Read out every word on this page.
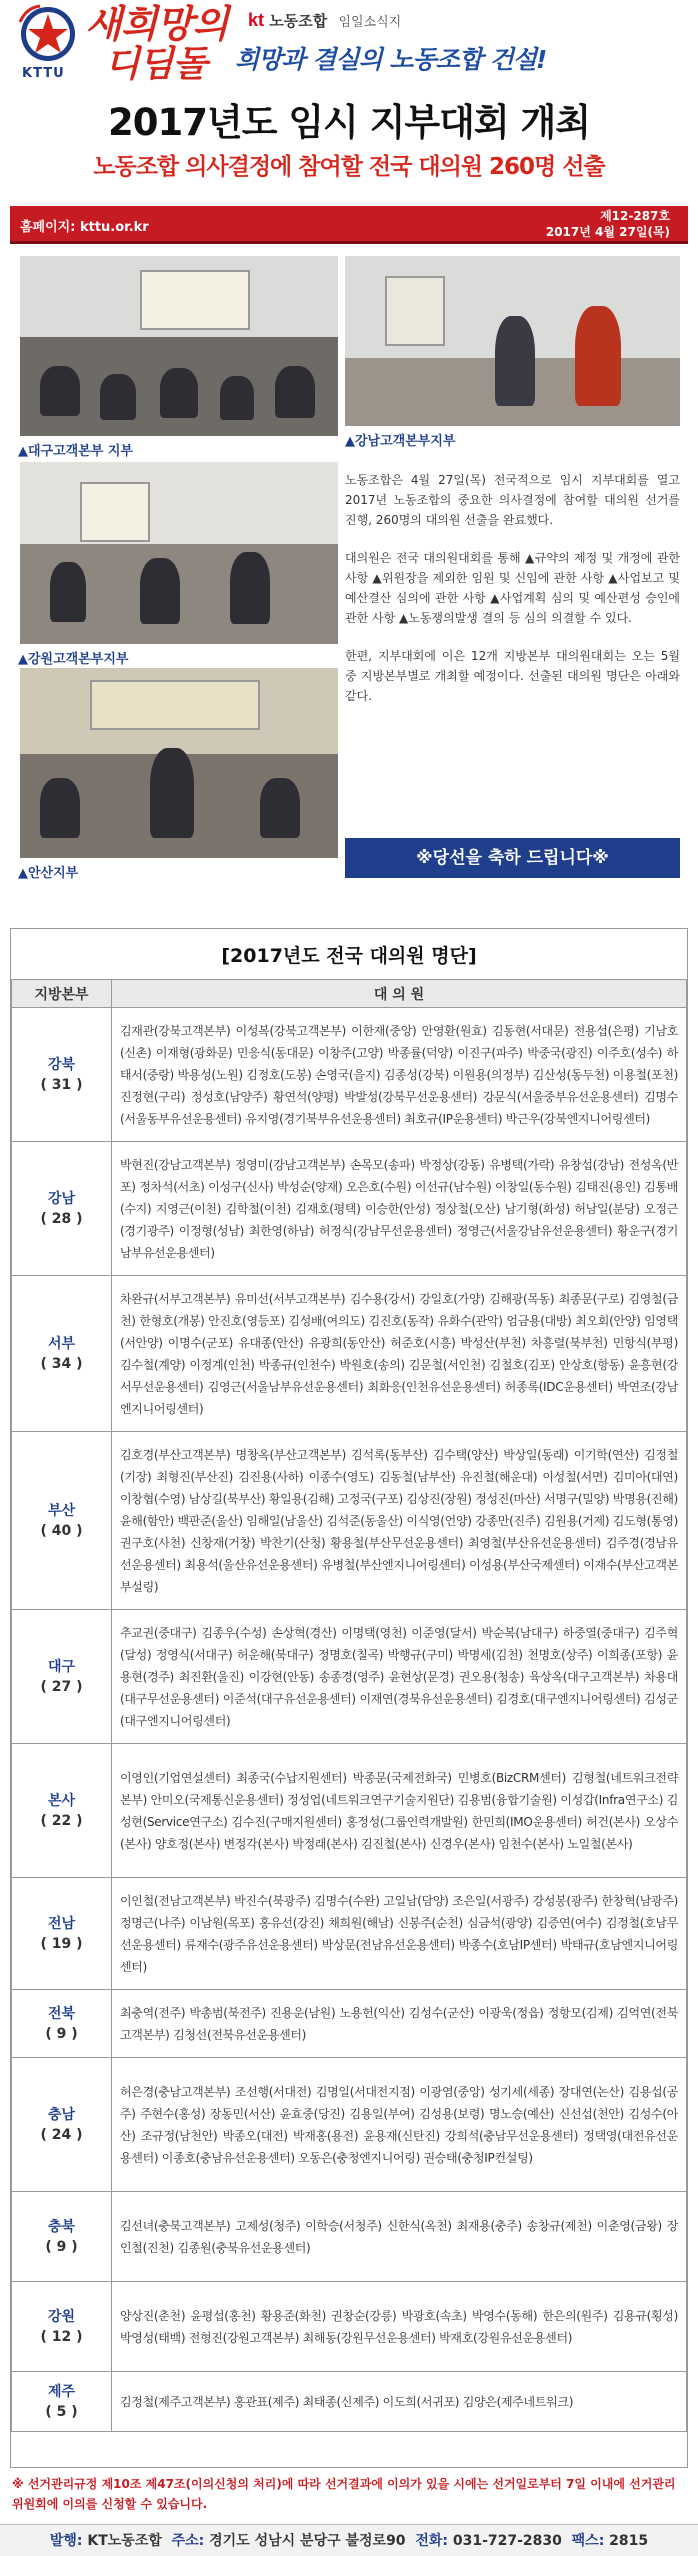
KTTU
새희망의
디딤돌
kt 노동조합 임일소식지
희망과 결실의 노동조합 건설!
2017년도 임시 지부대회 개최
노동조합 의사결정에 참여할 전국 대의원 260명 선출
홈페이지: kttu.or.kr
제12-287호
2017년 4월 27일(목)
▲대구고객본부 지부
▲강남고객본부지부
▲강원고객본부지부
▲안산지부

노동조합은 4월 27일(목) 전국적으로 임시 지부대회를 열고 2017년 노동조합의 중요한 의사결정에 참여할 대의원 선거를 진행, 260명의 대의원 선출을 완료했다.

대의원은 전국 대의원대회를 통해 ▲규약의 제정 및 개정에 관한 사항 ▲위원장을 제외한 임원 및 신임에 관한 사항 ▲사업보고 및 예산결산 심의에 관한 사항 ▲사업계획 심의 및 예산편성 승인에 관한 사항 ▲노동쟁의발생 결의 등 심의 의결할 수 있다.

한편, 지부대회에 이은 12개 지방본부 대의원대회는 오는 5월 중 지방본부별로 개최할 예정이다. 선출된 대의원 명단은 아래와 같다.

※당선을 축하 드립니다※
[2017년도 전국 대의원 명단]
지방본부	대 의 원
강북
( 31 )	김재관(강북고객본부) 이성복(강북고객본부) 이한재(중앙) 안영환(원효) 김동현(서대문) 전용섭(은평) 기남호(신촌) 이재형(광화문) 민응식(동대문) 이창주(고양) 박종률(덕양) 이진구(파주) 박중국(광진) 이주호(성수) 하태서(중랑) 박용성(노원) 김정호(도봉) 손영국(을지) 김종성(강북) 이원용(의정부) 김산성(동두천) 이용철(포천) 진정현(구리) 정성호(남양주) 황연석(양평) 박발성(강북무선운용센터) 강문식(서울중부유선운용센터) 김명수(서울동부유선운용센터) 유지영(경기북부유선운용센터) 최호규(IP운용센터) 박근우(강북엔지니어링센터)
강남
( 28 )	박현진(강남고객본부) 정영미(강남고객본부) 손목모(송파) 박정상(강동) 유병택(가락) 유창섭(강남) 전성옥(반포) 정차석(서초) 이성구(신사) 박성순(양재) 오은호(수원) 이선규(남수원) 이창일(동수원) 김태진(용인) 김통배(수지) 지영근(이천) 김학철(이천) 김재호(평택) 이승한(안성) 정상철(오산) 남기형(화성) 허남일(분당) 오정근(경기광주) 이정형(성남) 최한영(하남) 허정식(강남무선운용센터) 정영근(서울강남유선운용센터) 황운구(경기남부유선운용센터)
서부
( 34 )	차완규(서부고객본부) 유미선(서부고객본부) 김수용(강서) 강일호(가양) 김해광(목동) 최종문(구로) 김영철(금천) 한형호(개봉) 안진호(영등포) 김성배(여의도) 김진호(동작) 유화수(관악) 엄금용(대방) 최오회(안양) 임영택(서안양) 이명수(군포) 유대종(안산) 유광희(동안산) 허준호(시흥) 박성산(부천) 차흥렬(북부천) 민항식(부평) 김수철(계양) 이정계(인천) 박종규(인천수) 박원호(송의) 김문철(서인천) 김철호(김포) 안상호(항동) 윤흥현(강서무선운용센터) 김영근(서울남부유선운용센터) 최화응(인천유선운용센터) 허종록(IDC운용센터) 박연조(강남엔지니어링센터)
부산
( 40 )	김호경(부산고객본부) 명창옥(부산고객본부) 김석록(동부산) 김수택(양산) 박상일(동래) 이기학(연산) 김정철(기장) 최형진(부산진) 김진용(사하) 이종수(영도) 김동철(남부산) 유진철(해운대) 이성철(서면) 김미아(대연) 이창협(수영) 남상길(북부산) 황일용(김해) 고정국(구포) 김상진(장원) 정성진(마산) 서명구(밀양) 박명용(진해) 윤해(함안) 백판준(울산) 임해일(남울산) 김석준(동울산) 이식영(언양) 강종만(진주) 김원용(거제) 김도형(통영) 권구호(사천) 신창재(거창) 박찬기(산청) 황용철(부산무선운용센터) 최영철(부산유선운용센터) 김주경(경남유선운용센터) 최용석(울산유선운용센터) 유병철(부산엔지니어링센터) 이성용(부산국제센터) 이재수(부산고객본부설링)
대구
( 27 )	추교권(중대구) 김종우(수성) 손상혁(경산) 이명택(영천) 이준영(달서) 박순복(남대구) 하중열(중대구) 김주혁(달성) 정영식(서대구) 허운해(북대구) 정명호(칠곡) 박행규(구미) 박명세(김천) 천명호(상주) 이희종(포항) 윤용현(경주) 최진환(울진) 이강현(안동) 송종경(영주) 윤현상(문경) 권오용(청송) 육상옥(대구고객본부) 차용대(대구무선운용센터) 이준석(대구유선운용센터) 이재연(경북유선운용센터) 김경호(대구엔지니어링센터) 김성군(대구엔지니어링센터)
본사
( 22 )	이영인(기업연설센터) 최종국(수납지원센터) 박종문(국제전화국) 민병호(BizCRM센터) 김형철(네트워크전략본부) 안미오(국제통신운용센터) 정성업(네트워크연구기술지원단) 김용범(융합기술원) 이성갑(Infra연구소) 김성현(Service연구소) 김수진(구매지원센터) 홍정성(그룹인력개발원) 한민희(IMO운용센터) 허건(본사) 오상수(본사) 양호정(본사) 변정각(본사) 박정래(본사) 김진철(본사) 신경우(본사) 임천수(본사) 노일철(본사)
전남
( 19 )	이인철(전남고객본부) 박진수(북광주) 김명수(수완) 고일남(담양) 조은일(서광주) 강성봉(광주) 한창혁(남광주) 정명근(나주) 이남원(목포) 홍유선(강진) 채희원(해남) 신봉주(순천) 심금석(광양) 김증연(여수) 김정철(호남무선운용센터) 류재수(광주유선운용센터) 박상문(전남유선운용센터) 박종수(호남IP센터) 박태규(호남엔지니어링센터)
전북
( 9 )	최충역(전주) 박총범(북전주) 진용운(남원) 노용헌(익산) 김성수(군산) 이광욱(정읍) 정항모(김제) 김억연(전북고객본부) 김청선(전북유선운용센터)
충남
( 24 )	허은경(충남고객본부) 조선행(서대전) 김명일(서대전지점) 이광염(중앙) 성기세(세종) 장대연(논산) 김용섭(공주) 주현수(홍성) 장동민(서산) 윤효중(당진) 김용일(부여) 김성용(보령) 명노승(예산) 신선섭(천안) 김성수(아산) 조규정(남천안) 박종오(대전) 박재홍(용전) 윤용재(신탄진) 강희석(충남무선운용센터) 정택영(대전유선운용센터) 이종호(충남유선운용센터) 오동은(충청엔지니어링) 권승태(충청IP컨설팅)
충북
( 9 )	김선녀(충북고객본부) 고제성(청주) 이학승(서청주) 신한식(옥천) 최재용(충주) 송창규(제천) 이춘영(금왕) 장인철(진천) 김종원(충북유선운용센터)
강원
( 12 )	양상진(춘천) 윤평섭(홍천) 황용준(화천) 권창순(강릉) 박광호(속초) 박영수(동해) 한은의(원주) 김용규(횡성) 박영성(태백) 전형진(강원고객본부) 최해동(강원무선운용센터) 박재호(강원유선운용센터)
제주
( 5 )	김정철(제주고객본부) 홍관표(제주) 최태종(신제주) 이도희(서귀포) 김양은(제주네트워크)
※ 선거관리규정 제10조 제47조(이의신청의 처리)에 따라 선거결과에 이의가 있을 시에는 선거일로부터 7일 이내에 선거관리위원회에 이의를 신청할 수 있습니다.
발행: KT노동조합 주소: 경기도 성남시 분당구 불정로90 전화: 031-727-2830 팩스: 2815
